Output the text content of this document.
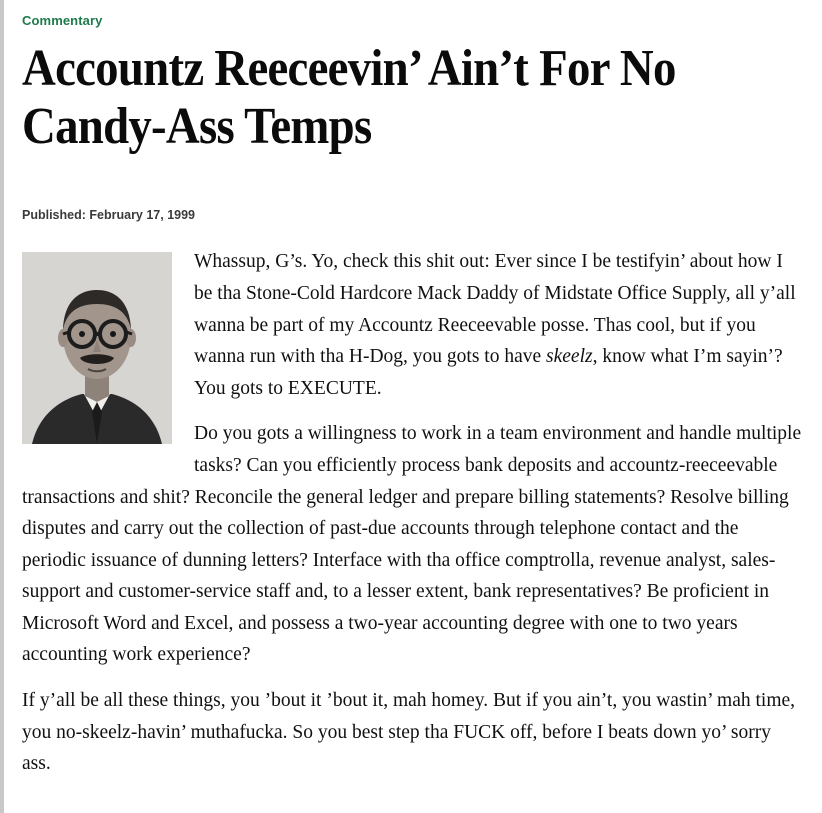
Commentary
Accountz Reeceevin’ Ain’t For No Candy-Ass Temps
Published: February 17, 1999

Whassup, G’s. Yo, check this shit out: Ever since I be testifyin’ about how I be tha Stone-Cold Hardcore Mack Daddy of Midstate Office Supply, all y’all wanna be part of my Accountz Reeceevable posse. Thas cool, but if you wanna run with tha H-Dog, you gots to have skeelz, know what I’m sayin’? You gots to EXECUTE.

Do you gots a willingness to work in a team environment and handle multiple tasks? Can you efficiently process bank deposits and accountz-reeceevable transactions and shit? Reconcile the general ledger and prepare billing statements? Resolve billing disputes and carry out the collection of past-due accounts through telephone contact and the periodic issuance of dunning letters? Interface with tha office comptrolla, revenue analyst, sales-support and customer-service staff and, to a lesser extent, bank representatives? Be proficient in Microsoft Word and Excel, and possess a two-year accounting degree with one to two years accounting work experience?

If y’all be all these things, you ’bout it ’bout it, mah homey. But if you ain’t, you wastin’ mah time, you no-skeelz-havin’ muthafucka. So you best step tha FUCK off, before I beats down yo’ sorry ass.
